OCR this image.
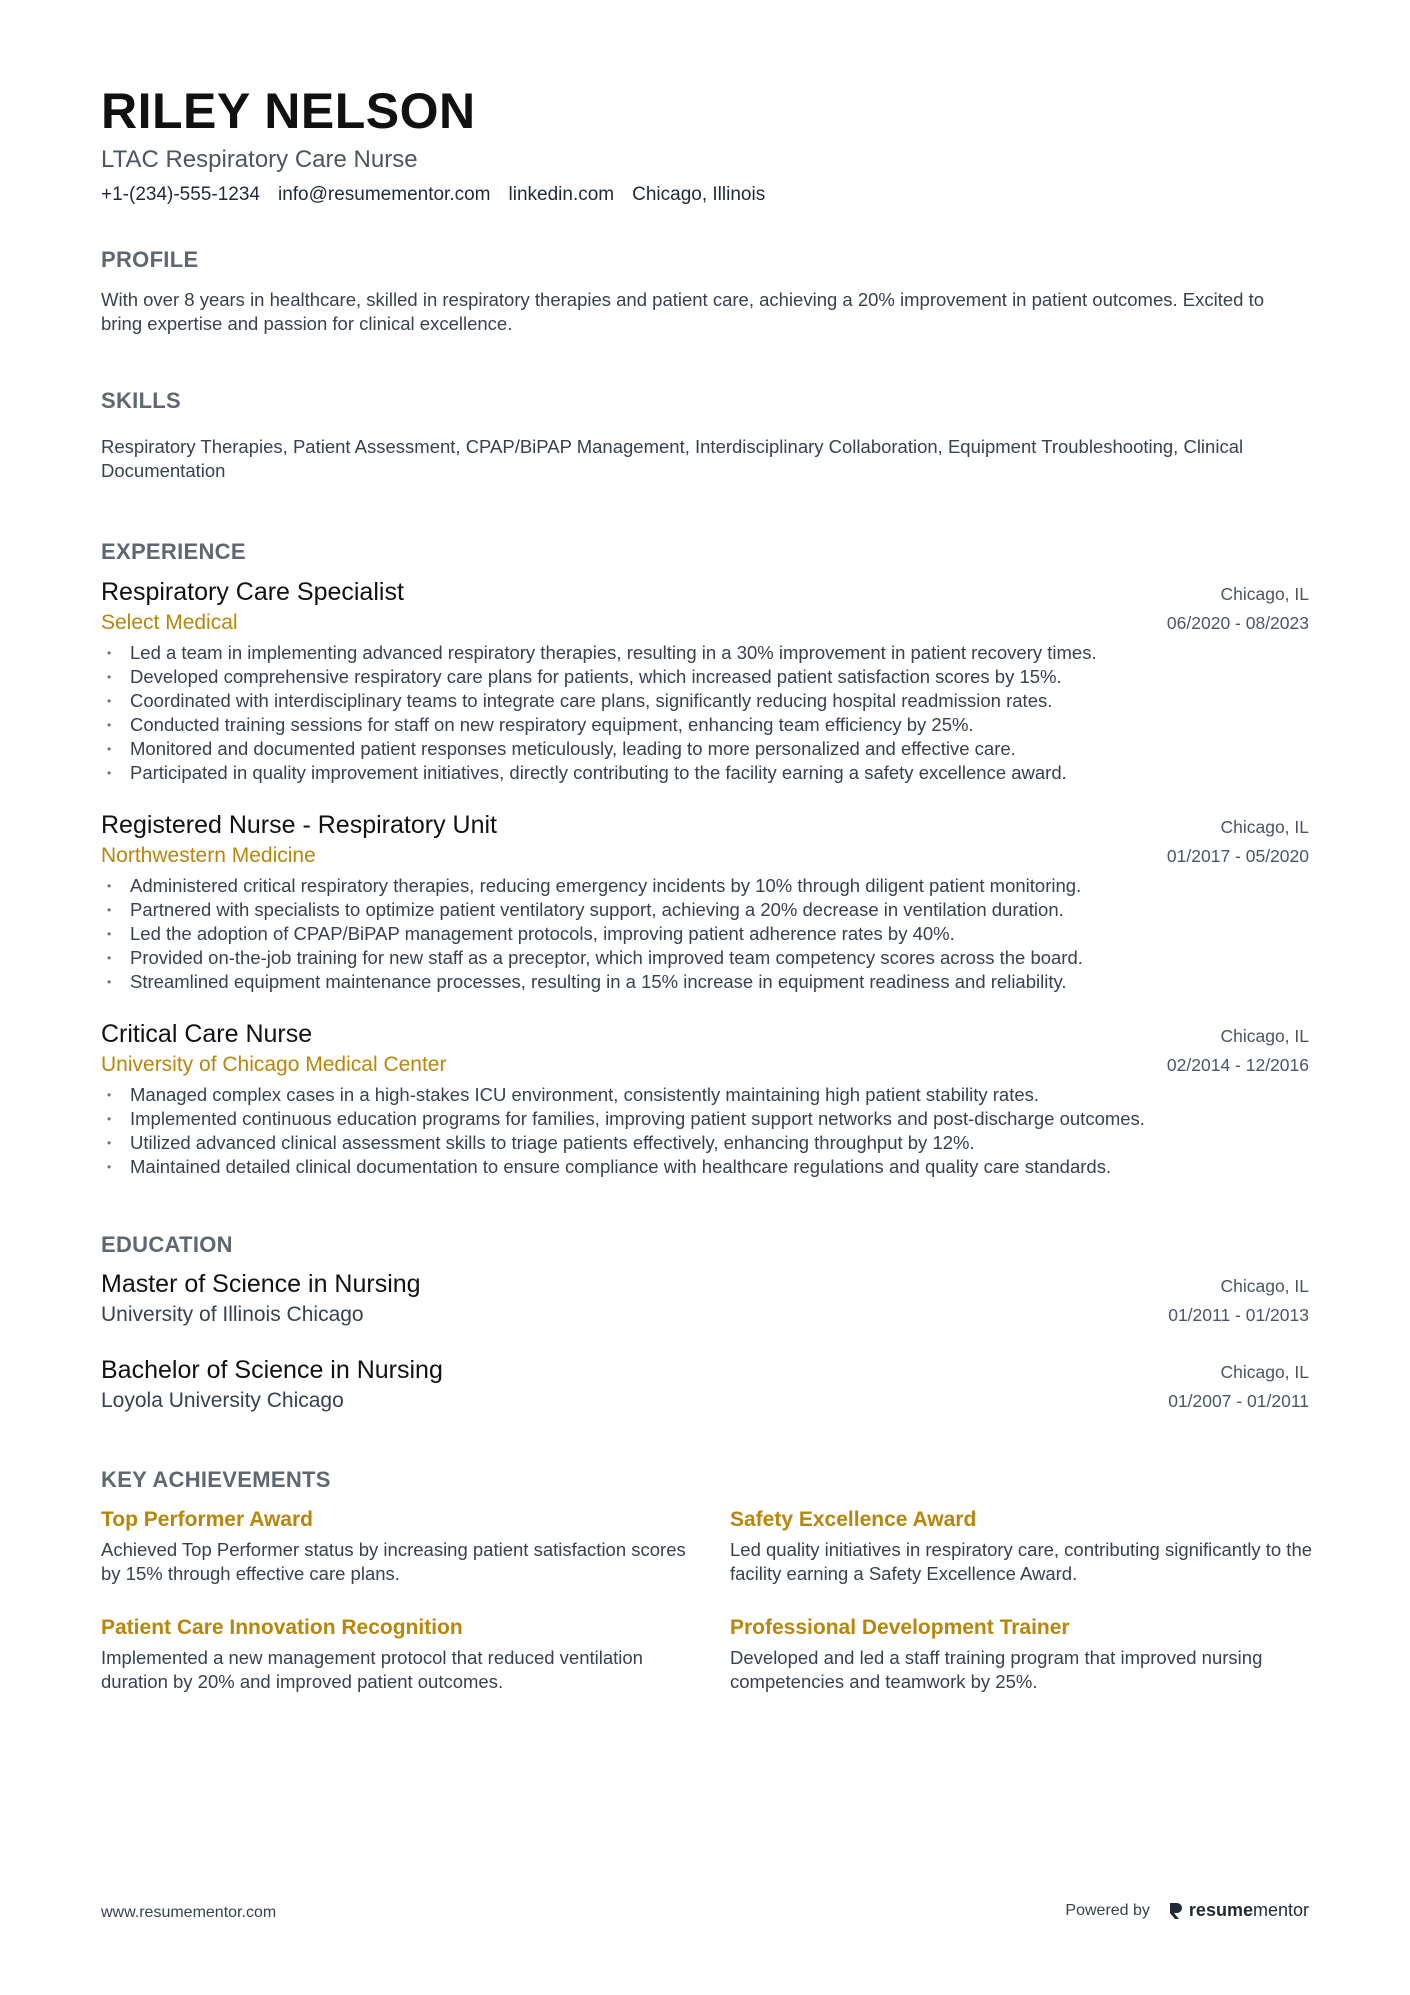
RILEY NELSON
LTAC Respiratory Care Nurse
+1-(234)-555-1234 info@resumementor.com linkedin.com Chicago, Illinois
PROFILE

With over 8 years in healthcare, skilled in respiratory therapies and patient care, achieving a 20% improvement in patient outcomes. Excited to bring expertise and passion for clinical excellence.

SKILLS

Respiratory Therapies, Patient Assessment, CPAP/BiPAP Management, Interdisciplinary Collaboration, Equipment Troubleshooting, Clinical Documentation

EXPERIENCE
Respiratory Care Specialist	Chicago, IL
Select Medical	06/2020 - 08/2023
• Led a team in implementing advanced respiratory therapies, resulting in a 30% improvement in patient recovery times.
• Developed comprehensive respiratory care plans for patients, which increased patient satisfaction scores by 15%.
• Coordinated with interdisciplinary teams to integrate care plans, significantly reducing hospital readmission rates.
• Conducted training sessions for staff on new respiratory equipment, enhancing team efficiency by 25%.
• Monitored and documented patient responses meticulously, leading to more personalized and effective care.
• Participated in quality improvement initiatives, directly contributing to the facility earning a safety excellence award.
Registered Nurse - Respiratory Unit	Chicago, IL
Northwestern Medicine	01/2017 - 05/2020
• Administered critical respiratory therapies, reducing emergency incidents by 10% through diligent patient monitoring.
• Partnered with specialists to optimize patient ventilatory support, achieving a 20% decrease in ventilation duration.
• Led the adoption of CPAP/BiPAP management protocols, improving patient adherence rates by 40%.
• Provided on-the-job training for new staff as a preceptor, which improved team competency scores across the board.
• Streamlined equipment maintenance processes, resulting in a 15% increase in equipment readiness and reliability.
Critical Care Nurse	Chicago, IL
University of Chicago Medical Center	02/2014 - 12/2016
• Managed complex cases in a high-stakes ICU environment, consistently maintaining high patient stability rates.
• Implemented continuous education programs for families, improving patient support networks and post-discharge outcomes.
• Utilized advanced clinical assessment skills to triage patients effectively, enhancing throughput by 12%.
• Maintained detailed clinical documentation to ensure compliance with healthcare regulations and quality care standards.
EDUCATION
Master of Science in Nursing	Chicago, IL
University of Illinois Chicago	01/2011 - 01/2013
Bachelor of Science in Nursing	Chicago, IL
Loyola University Chicago	01/2007 - 01/2011
KEY ACHIEVEMENTS
Top Performer Award
Achieved Top Performer status by increasing patient satisfaction scores by 15% through effective care plans.
Safety Excellence Award
Led quality initiatives in respiratory care, contributing significantly to the facility earning a Safety Excellence Award.
Patient Care Innovation Recognition
Implemented a new management protocol that reduced ventilation duration by 20% and improved patient outcomes.
Professional Development Trainer
Developed and led a staff training program that improved nursing competencies and teamwork by 25%.
www.resumementor.com	Powered by resumementor
